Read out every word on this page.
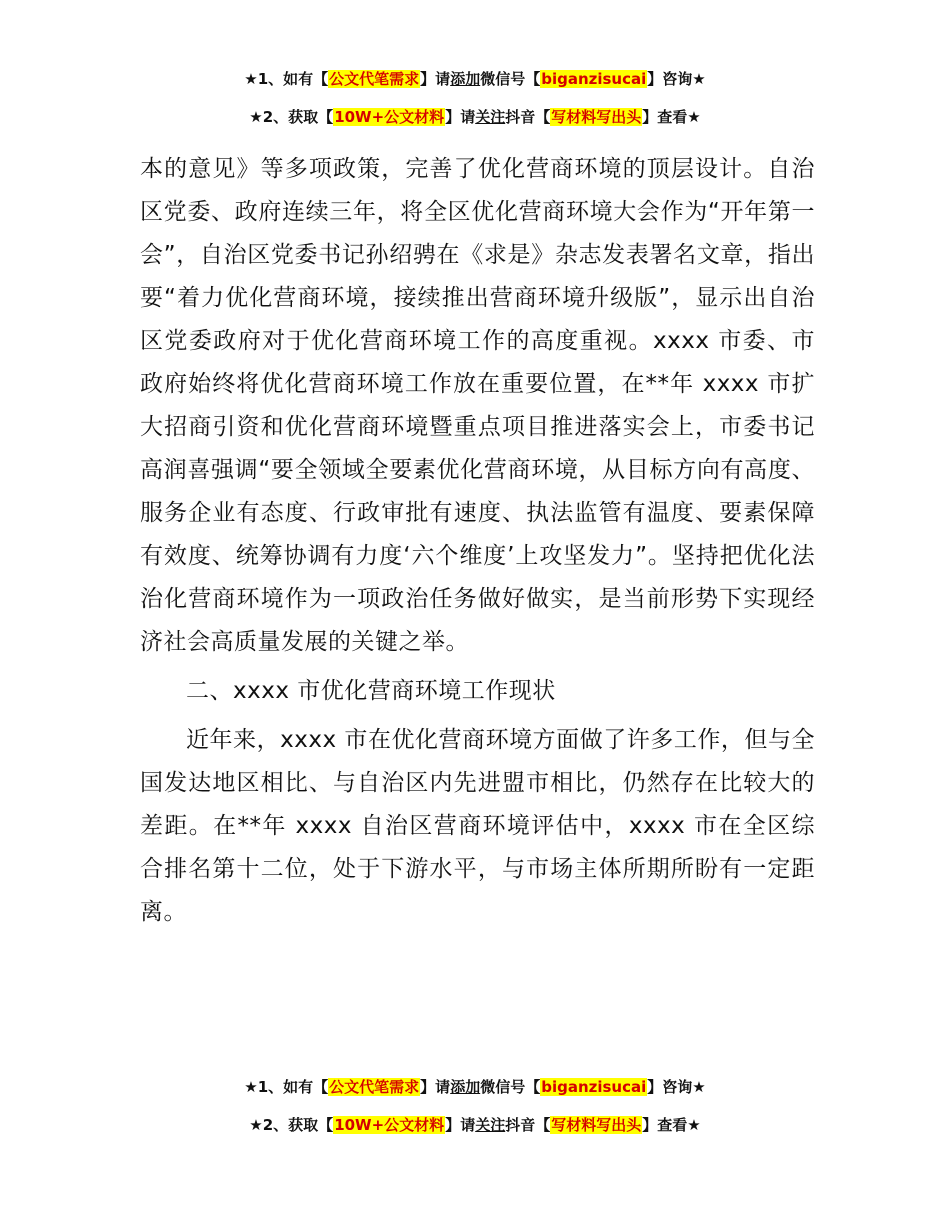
★1、如有【公文代笔需求】请添加微信号【biganzisucai】咨询★
★2、获取【10W+公文材料】请关注抖音【写材料写出头】查看★

本的意见》等多项政策，完善了优化营商环境的顶层设计。自治区党委、政府连续三年，将全区优化营商环境大会作为“开年第一会”，自治区党委书记孙绍骋在《求是》杂志发表署名文章，指出要“着力优化营商环境，接续推出营商环境升级版”，显示出自治区党委政府对于优化营商环境工作的高度重视。xxxx 市委、市政府始终将优化营商环境工作放在重要位置，在**年 xxxx 市扩大招商引资和优化营商环境暨重点项目推进落实会上，市委书记高润喜强调“要全领域全要素优化营商环境，从目标方向有高度、服务企业有态度、行政审批有速度、执法监管有温度、要素保障有效度、统筹协调有力度‘六个维度’上攻坚发力”。坚持把优化法治化营商环境作为一项政治任务做好做实，是当前形势下实现经济社会高质量发展的关键之举。

二、xxxx 市优化营商环境工作现状

近年来，xxxx 市在优化营商环境方面做了许多工作，但与全国发达地区相比、与自治区内先进盟市相比，仍然存在比较大的差距。在**年 xxxx 自治区营商环境评估中，xxxx 市在全区综合排名第十二位，处于下游水平，与市场主体所期所盼有一定距离。

★1、如有【公文代笔需求】请添加微信号【biganzisucai】咨询★
★2、获取【10W+公文材料】请关注抖音【写材料写出头】查看★
